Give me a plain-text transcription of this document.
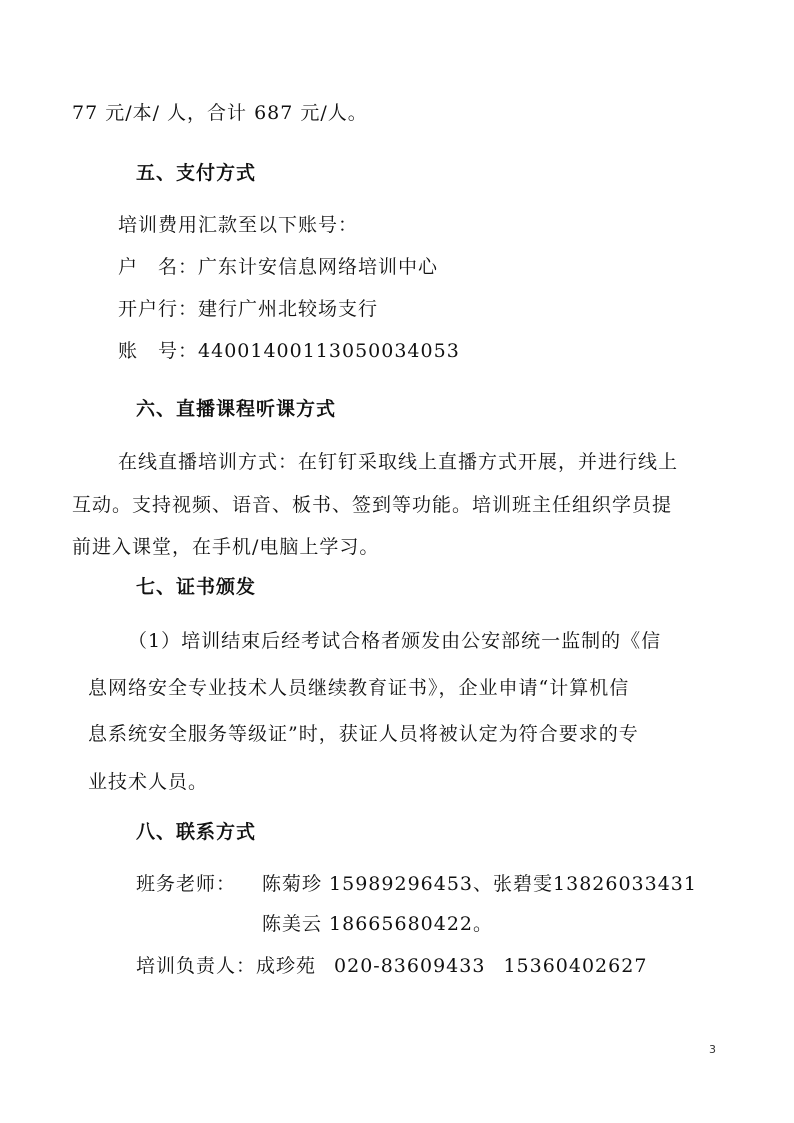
77 元/本/ 人，合计 687 元/人。
五、支付方式
培训费用汇款至以下账号：
户　名：广东计安信息网络培训中心
开户行：建行广州北较场支行
账　号：44001400113050034053
六、直播课程听课方式
在线直播培训方式：在钉钉采取线上直播方式开展，并进行线上
互动。支持视频、语音、板书、签到等功能。培训班主任组织学员提
前进入课堂，在手机/电脑上学习。
七、证书颁发
（1）培训结束后经考试合格者颁发由公安部统一监制的《信
息网络安全专业技术人员继续教育证书》，企业申请“计算机信
息系统安全服务等级证”时，获证人员将被认定为符合要求的专
业技术人员。
八、联系方式
班务老师： 陈菊珍 15989296453、张碧雯13826033431
陈美云 18665680422。
培训负责人：成珍苑 020-83609433 15360402627
3
